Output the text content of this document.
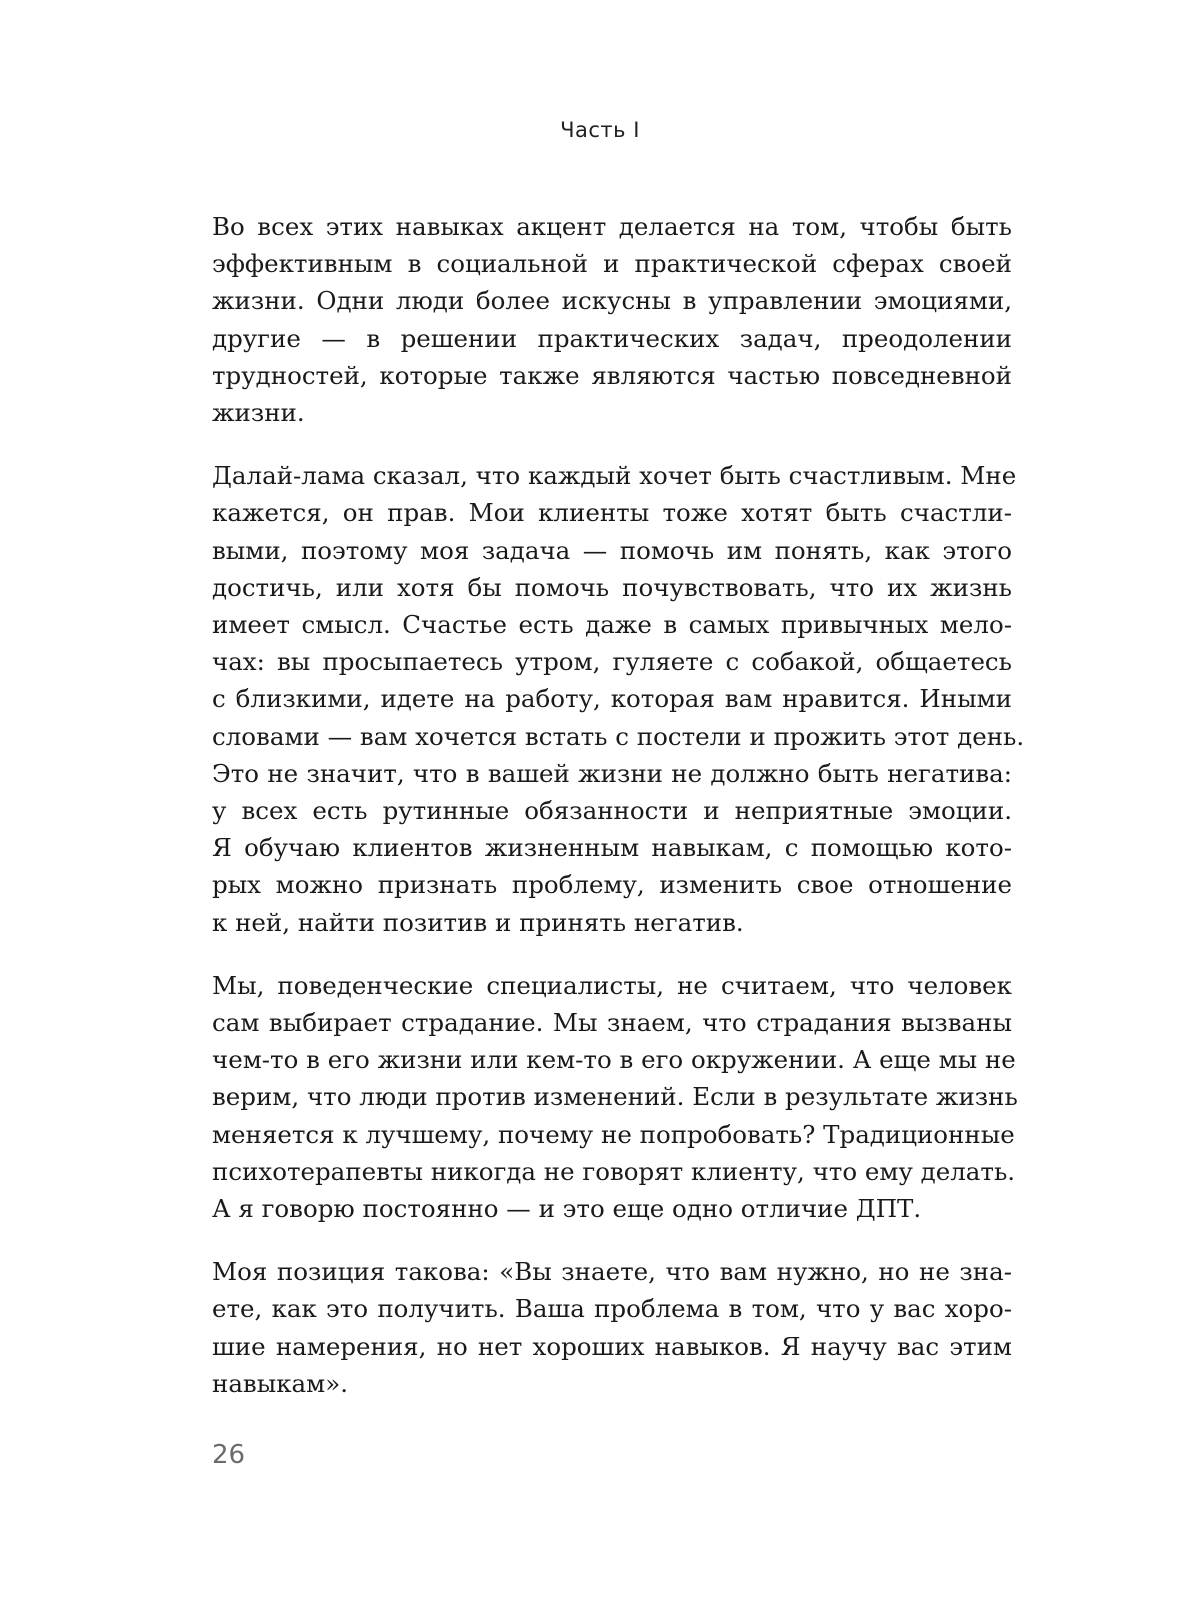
Часть I
Во всех этих навыках акцент делается на том, чтобы быть
эффективным в социальной и практической сферах своей
жизни. Одни люди более искусны в управлении эмоциями,
другие — в решении практических задач, преодолении
трудностей, которые также являются частью повседневной
жизни.
Далай-лама сказал, что каждый хочет быть счастливым. Мне
кажется, он прав. Мои клиенты тоже хотят быть счастли-
выми, поэтому моя задача — помочь им понять, как этого
достичь, или хотя бы помочь почувствовать, что их жизнь
имеет смысл. Счастье есть даже в самых привычных мело-
чах: вы просыпаетесь утром, гуляете с собакой, общаетесь
с близкими, идете на работу, которая вам нравится. Иными
словами — вам хочется встать с постели и прожить этот день.
Это не значит, что в вашей жизни не должно быть негатива:
у всех есть рутинные обязанности и неприятные эмоции.
Я обучаю клиентов жизненным навыкам, с помощью кото-
рых можно признать проблему, изменить свое отношение
к ней, найти позитив и принять негатив.
Мы, поведенческие специалисты, не считаем, что человек
сам выбирает страдание. Мы знаем, что страдания вызваны
чем-то в его жизни или кем-то в его окружении. А еще мы не
верим, что люди против изменений. Если в результате жизнь
меняется к лучшему, почему не попробовать? Традиционные
психотерапевты никогда не говорят клиенту, что ему делать.
А я говорю постоянно — и это еще одно отличие ДПТ.
Моя позиция такова: «Вы знаете, что вам нужно, но не зна-
ете, как это получить. Ваша проблема в том, что у вас хоро-
шие намерения, но нет хороших навыков. Я научу вас этим
навыкам».
26
